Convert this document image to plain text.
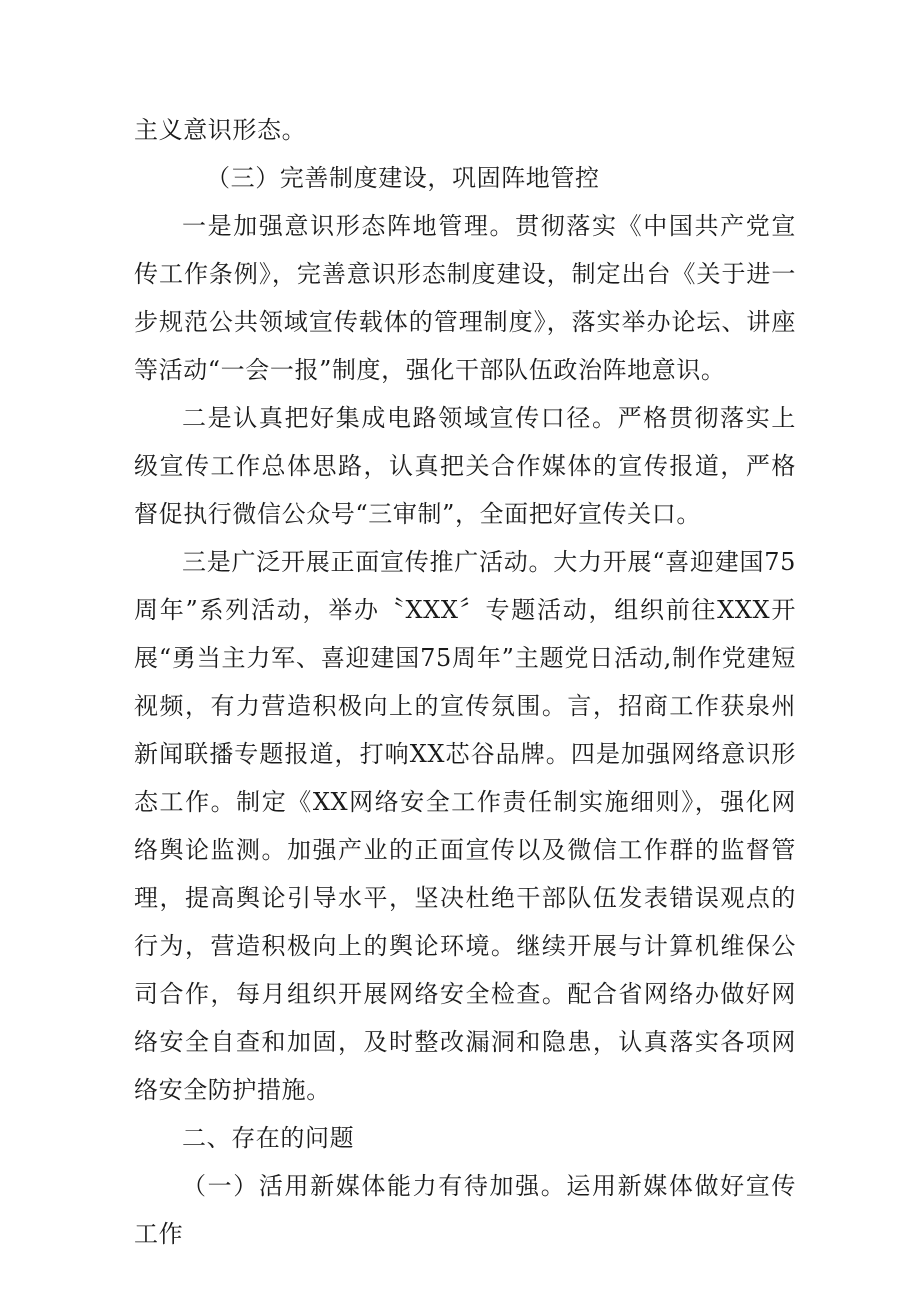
主义意识形态。

（三）完善制度建设，巩固阵地管控

一是加强意识形态阵地管理。贯彻落实《中国共产党宣传工作条例》，完善意识形态制度建设，制定出台《关于进一步规范公共领域宣传载体的管理制度》，落实举办论坛、讲座等活动“一会一报”制度，强化干部队伍政治阵地意识。

二是认真把好集成电路领域宣传口径。严格贯彻落实上级宣传工作总体思路，认真把关合作媒体的宣传报道，严格督促执行微信公众号“三审制”，全面把好宣传关口。

三是广泛开展正面宣传推广活动。大力开展“喜迎建国75周年”系列活动，举办〝XXX〞专题活动，组织前往XXX开展“勇当主力军、喜迎建国75周年”主题党日活动,制作党建短视频，有力营造积极向上的宣传氛围。言，招商工作获泉州新闻联播专题报道，打响XX芯谷品牌。四是加强网络意识形态工作。制定《XX网络安全工作责任制实施细则》，强化网络舆论监测。加强产业的正面宣传以及微信工作群的监督管理，提高舆论引导水平，坚决杜绝干部队伍发表错误观点的行为，营造积极向上的舆论环境。继续开展与计算机维保公司合作，每月组织开展网络安全检查。配合省网络办做好网络安全自查和加固，及时整改漏洞和隐患，认真落实各项网络安全防护措施。

二、存在的问题

（一）活用新媒体能力有待加强。运用新媒体做好宣传工作
